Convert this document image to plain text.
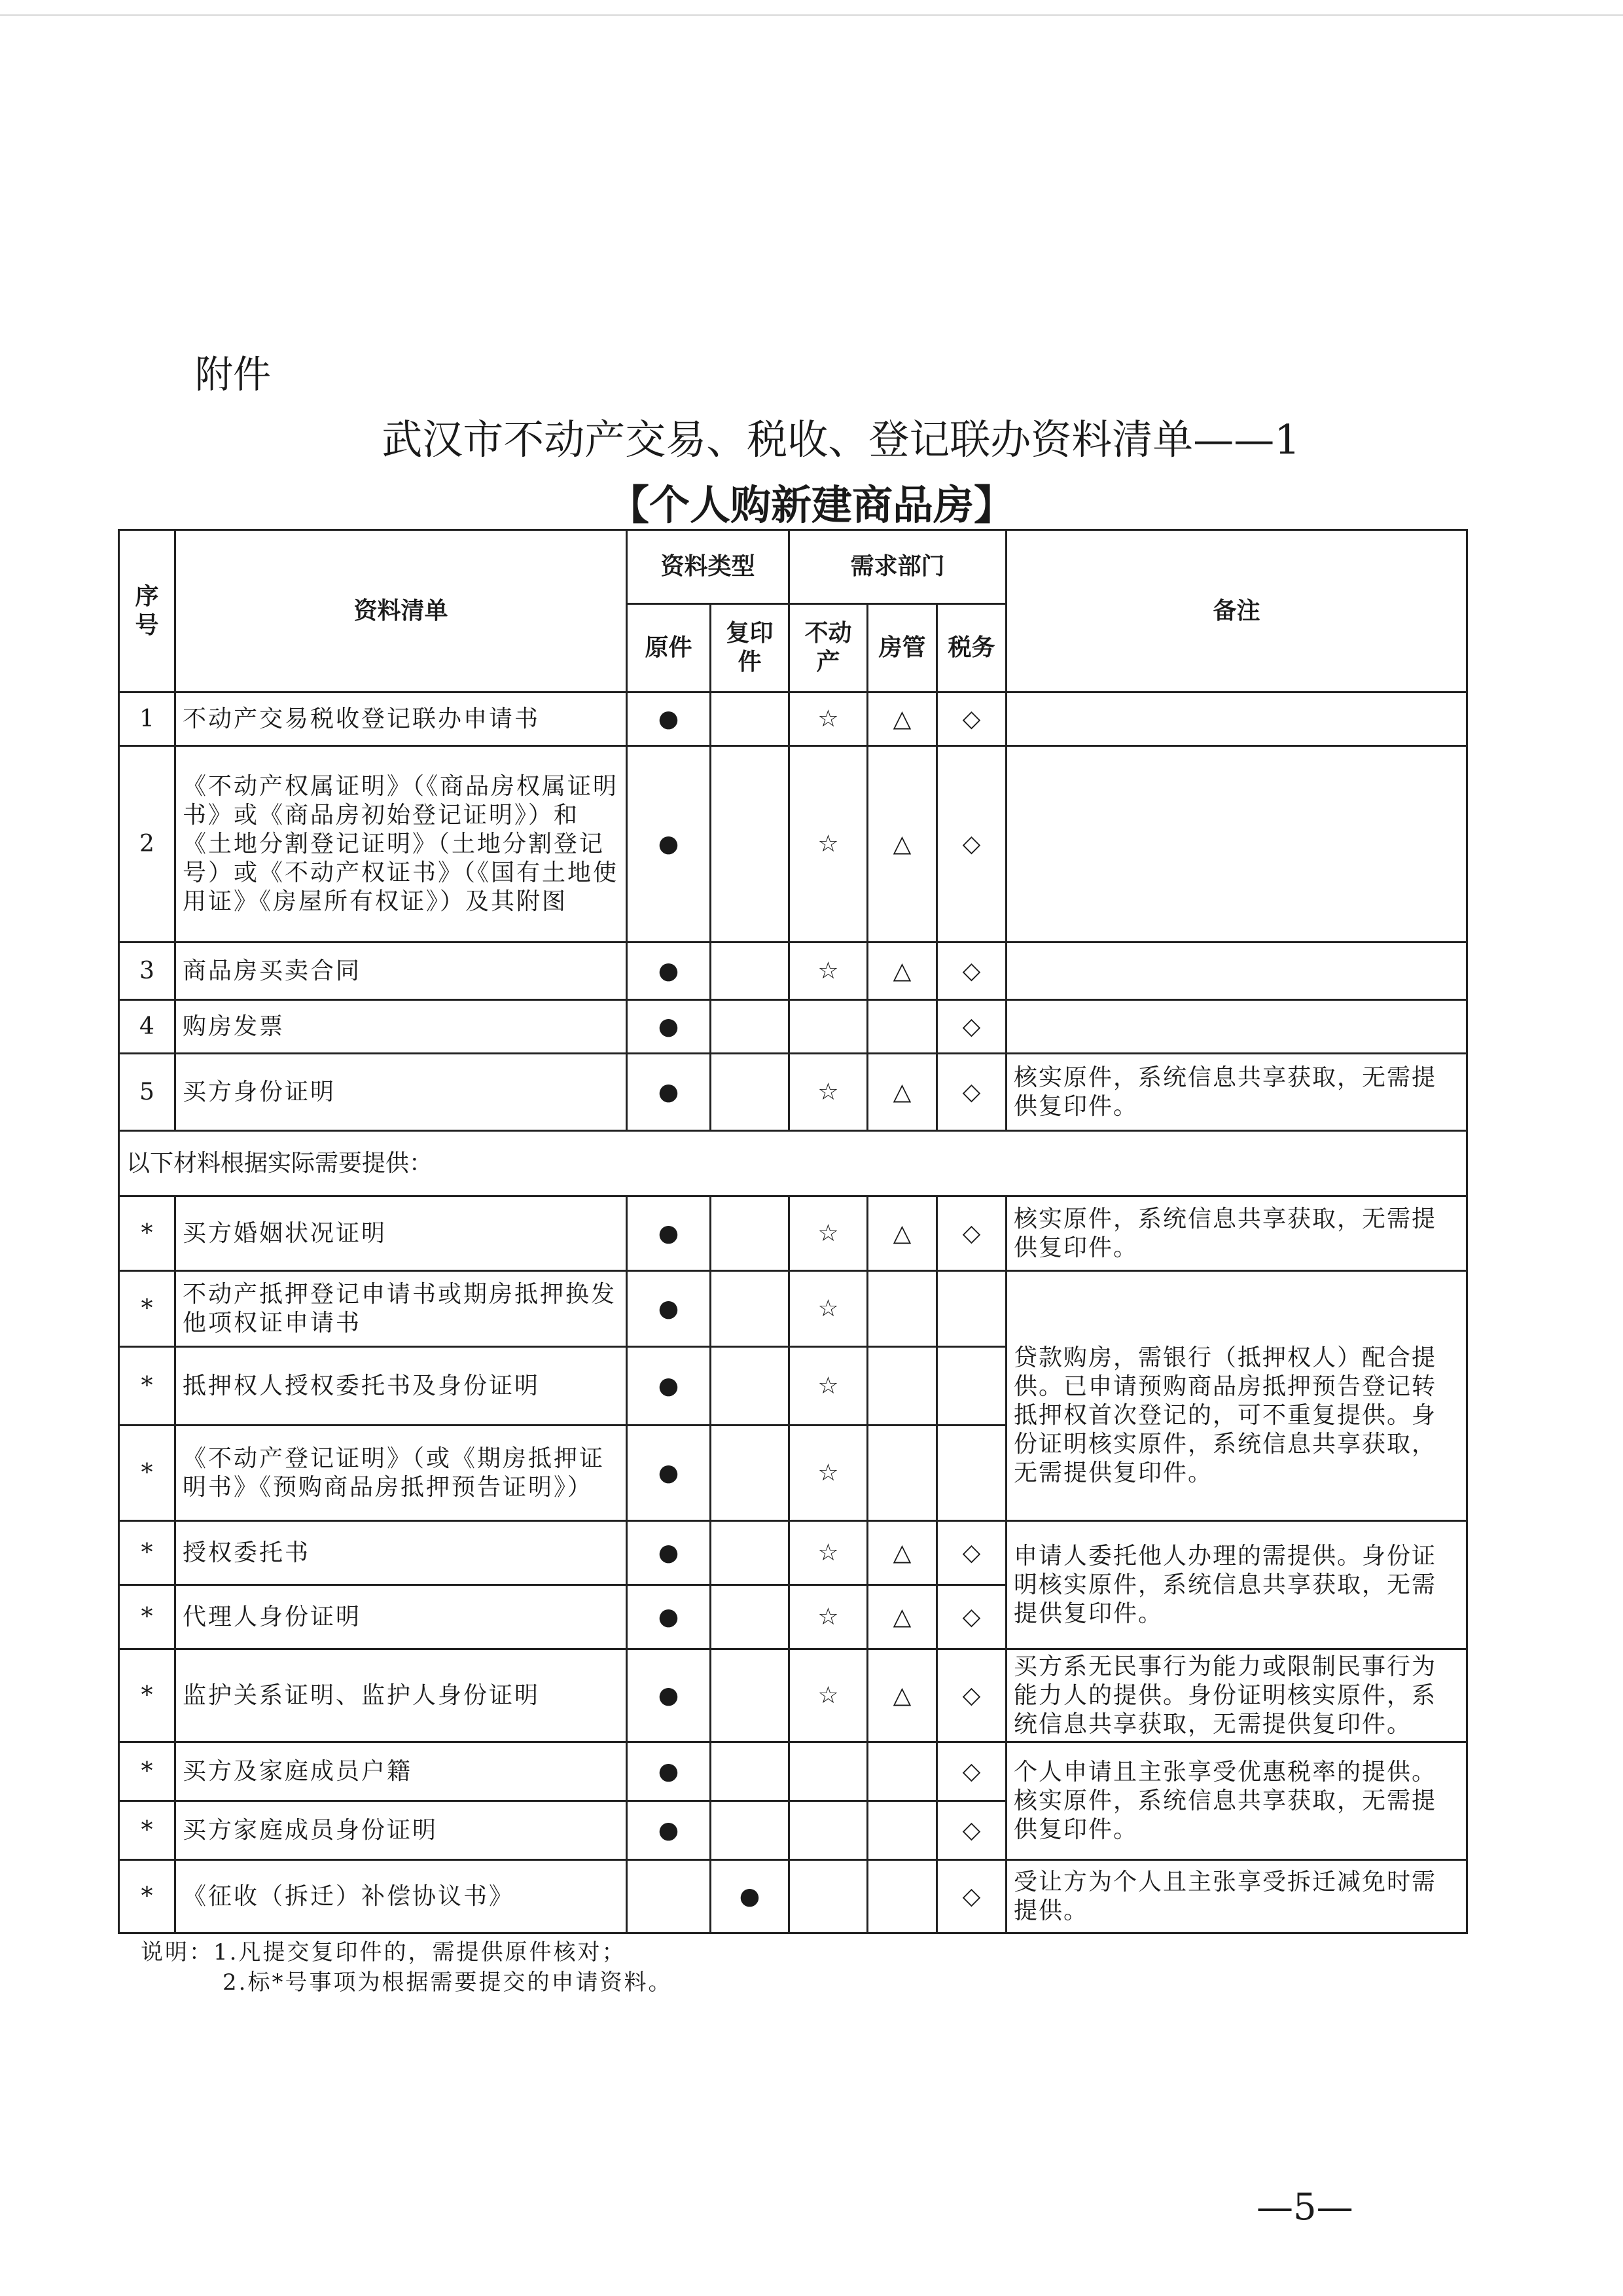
附件
武汉市不动产交易、税收、登记联办资料清单——1
【个人购新建商品房】
序号	资料清单	资料类型		需求部门			备注
		原件	复印件	不动产	房管	税务	
1	不动产交易税收登记联办申请书	●		☆	△	◇	
2	《不动产权属证明》（《商品房权属证明书》或《商品房初始登记证明》）和《土地分割登记证明》（土地分割登记号）或《不动产权证书》（《国有土地使用证》《房屋所有权证》）及其附图	●		☆	△	◇	
3	商品房买卖合同	●		☆	△	◇	
4	购房发票	●				◇	
5	买方身份证明	●		☆	△	◇	核实原件，系统信息共享获取，无需提供复印件。
以下材料根据实际需要提供：							
*	买方婚姻状况证明	●		☆	△	◇	核实原件，系统信息共享获取，无需提供复印件。
*	不动产抵押登记申请书或期房抵押换发他项权证申请书	●		☆			贷款购房，需银行（抵押权人）配合提供。已申请预购商品房抵押预告登记转抵押权首次登记的，可不重复提供。身份证明核实原件，系统信息共享获取，无需提供复印件。
*	抵押权人授权委托书及身份证明	●		☆			
*	《不动产登记证明》（或《期房抵押证明书》《预购商品房抵押预告证明》）	●		☆			
*	授权委托书	●		☆	△	◇	申请人委托他人办理的需提供。身份证明核实原件，系统信息共享获取，无需提供复印件。
*	代理人身份证明	●		☆	△	◇	
*	监护关系证明、监护人身份证明	●		☆	△	◇	买方系无民事行为能力或限制民事行为能力人的提供。身份证明核实原件，系统信息共享获取，无需提供复印件。
*	买方及家庭成员户籍	●				◇	个人申请且主张享受优惠税率的提供。核实原件，系统信息共享获取，无需提供复印件。
*	买方家庭成员身份证明	●				◇	
*	《征收（拆迁）补偿协议书》		●			◇	受让方为个人且主张享受拆迁减免时需提供。
说明：1.凡提交复印件的，需提供原件核对；
2.标*号事项为根据需要提交的申请资料。
—5—
